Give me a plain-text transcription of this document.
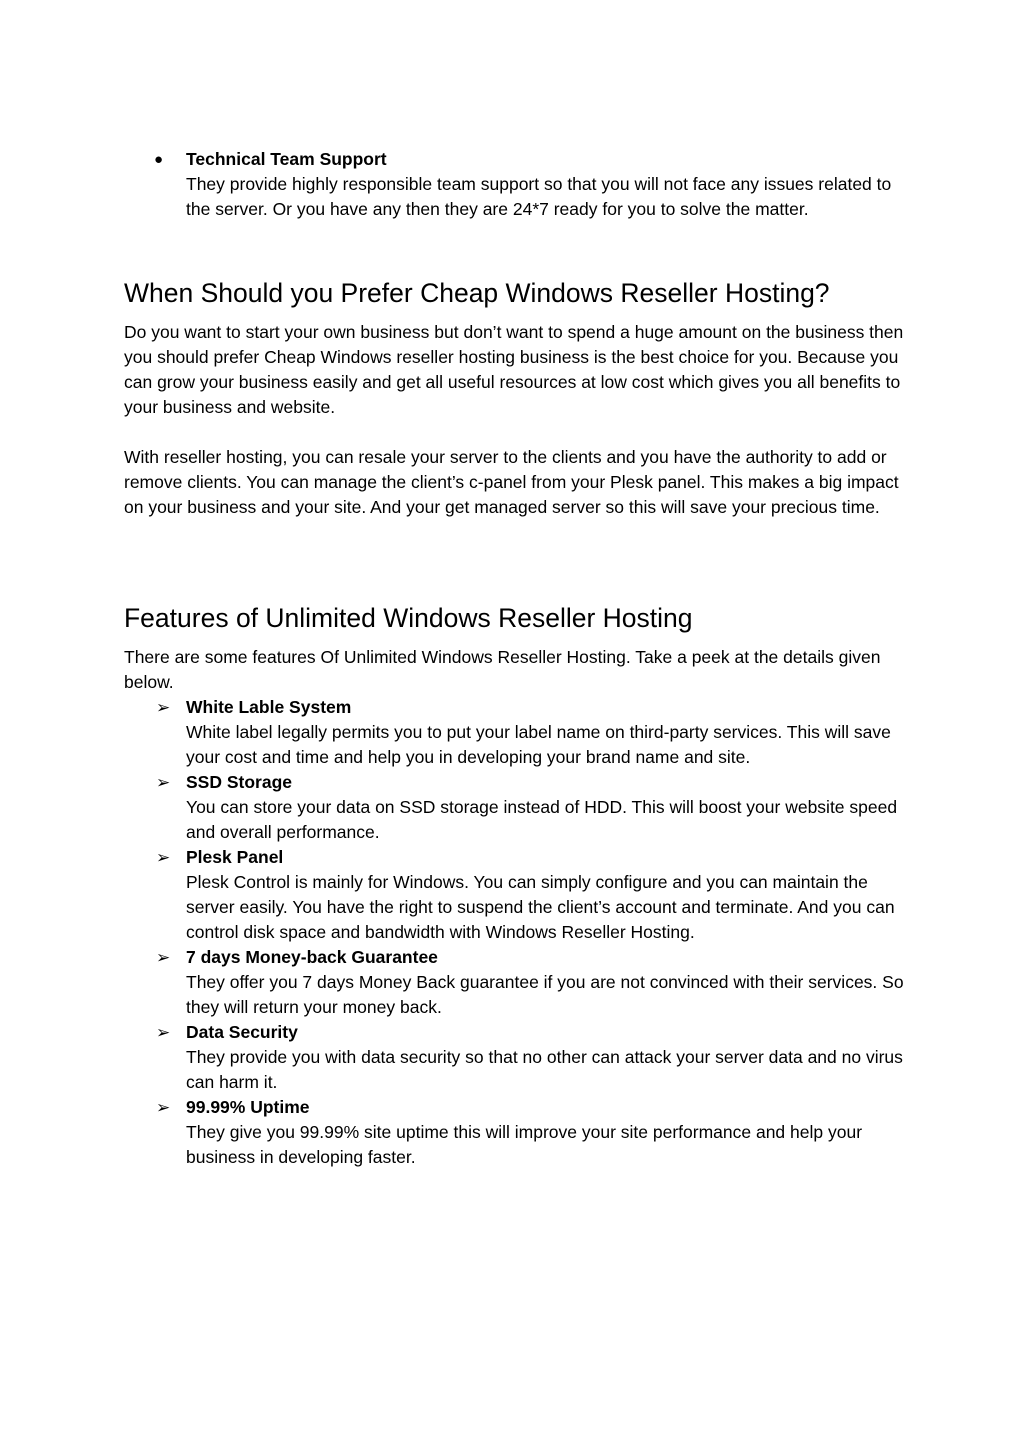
● Technical Team Support
They provide highly responsible team support so that you will not face any issues related to the server. Or you have any then they are 24*7 ready for you to solve the matter.
When Should you Prefer Cheap Windows Reseller Hosting?

Do you want to start your own business but don’t want to spend a huge amount on the business then you should prefer Cheap Windows reseller hosting business is the best choice for you. Because you can grow your business easily and get all useful resources at low cost which gives you all benefits to your business and website.

With reseller hosting, you can resale your server to the clients and you have the authority to add or remove clients. You can manage the client’s c-panel from your Plesk panel. This makes a big impact on your business and your site. And your get managed server so this will save your precious time.

Features of Unlimited Windows Reseller Hosting

There are some features Of Unlimited Windows Reseller Hosting. Take a peek at the details given below.

➢ White Lable System
White label legally permits you to put your label name on third-party services. This will save your cost and time and help you in developing your brand name and site.
➢ SSD Storage
You can store your data on SSD storage instead of HDD. This will boost your website speed and overall performance.
➢ Plesk Panel
Plesk Control is mainly for Windows. You can simply configure and you can maintain the server easily. You have the right to suspend the client’s account and terminate. And you can control disk space and bandwidth with Windows Reseller Hosting.
➢ 7 days Money-back Guarantee
They offer you 7 days Money Back guarantee if you are not convinced with their services. So they will return your money back.
➢ Data Security
They provide you with data security so that no other can attack your server data and no virus can harm it.
➢ 99.99% Uptime
They give you 99.99% site uptime this will improve your site performance and help your business in developing faster.
